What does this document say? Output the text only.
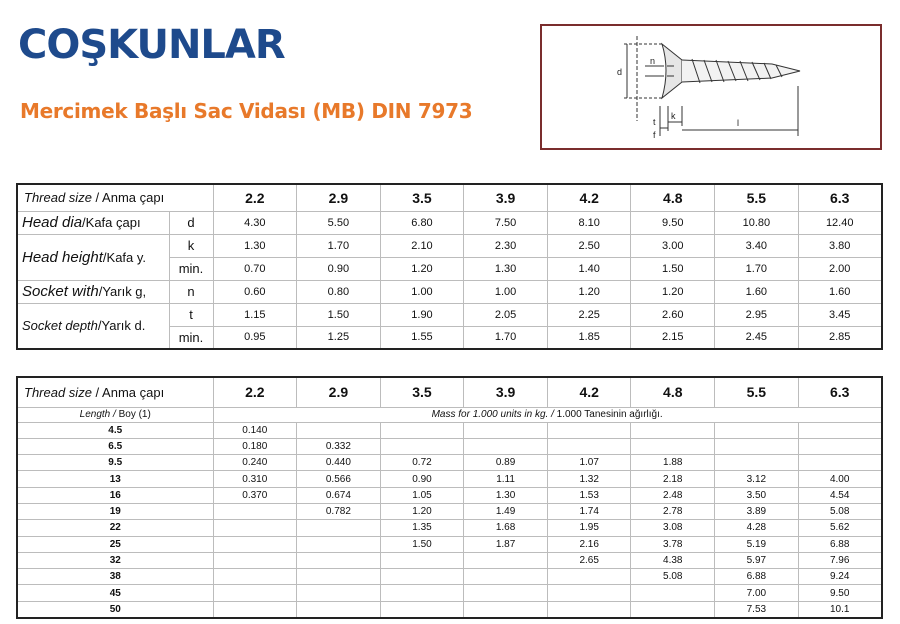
CO ŞKUNLAR
Mercimek Başlı Sac Vidası (MB) DIN 7973
d
n
t
k
f
l
Thread size / Anma çapı		2.2	2.9	3.5	3.9	4.2	4.8	5.5	6.3
Head dia/Kafa çapı	d	4.30	5.50	6.80	7.50	8.10	9.50	10.80	12.40
Head height/Kafa y.	k	1.30	1.70	2.10	2.30	2.50	3.00	3.40	3.80
	min.	0.70	0.90	1.20	1.30	1.40	1.50	1.70	2.00
Socket with/Yarık g,	n	0.60	0.80	1.00	1.00	1.20	1.20	1.60	1.60
Socket depth/Yarık d.	t	1.15	1.50	1.90	2.05	2.25	2.60	2.95	3.45
	min.	0.95	1.25	1.55	1.70	1.85	2.15	2.45	2.85
Thread size / Anma çapı	2.2	2.9	3.5	3.9	4.2	4.8	5.5	6.3
Length / Boy (1)	Mass for 1.000 units in kg. / 1.000 Tanesinin ağırlığı.							
4.5	0.140							
6.5	0.180	0.332						
9.5	0.240	0.440	0.72	0.89	1.07	1.88		
13	0.310	0.566	0.90	1.11	1.32	2.18	3.12	4.00
16	0.370	0.674	1.05	1.30	1.53	2.48	3.50	4.54
19		0.782	1.20	1.49	1.74	2.78	3.89	5.08
22			1.35	1.68	1.95	3.08	4.28	5.62
25			1.50	1.87	2.16	3.78	5.19	6.88
32					2.65	4.38	5.97	7.96
38						5.08	6.88	9.24
45							7.00	9.50
50							7.53	10.1
